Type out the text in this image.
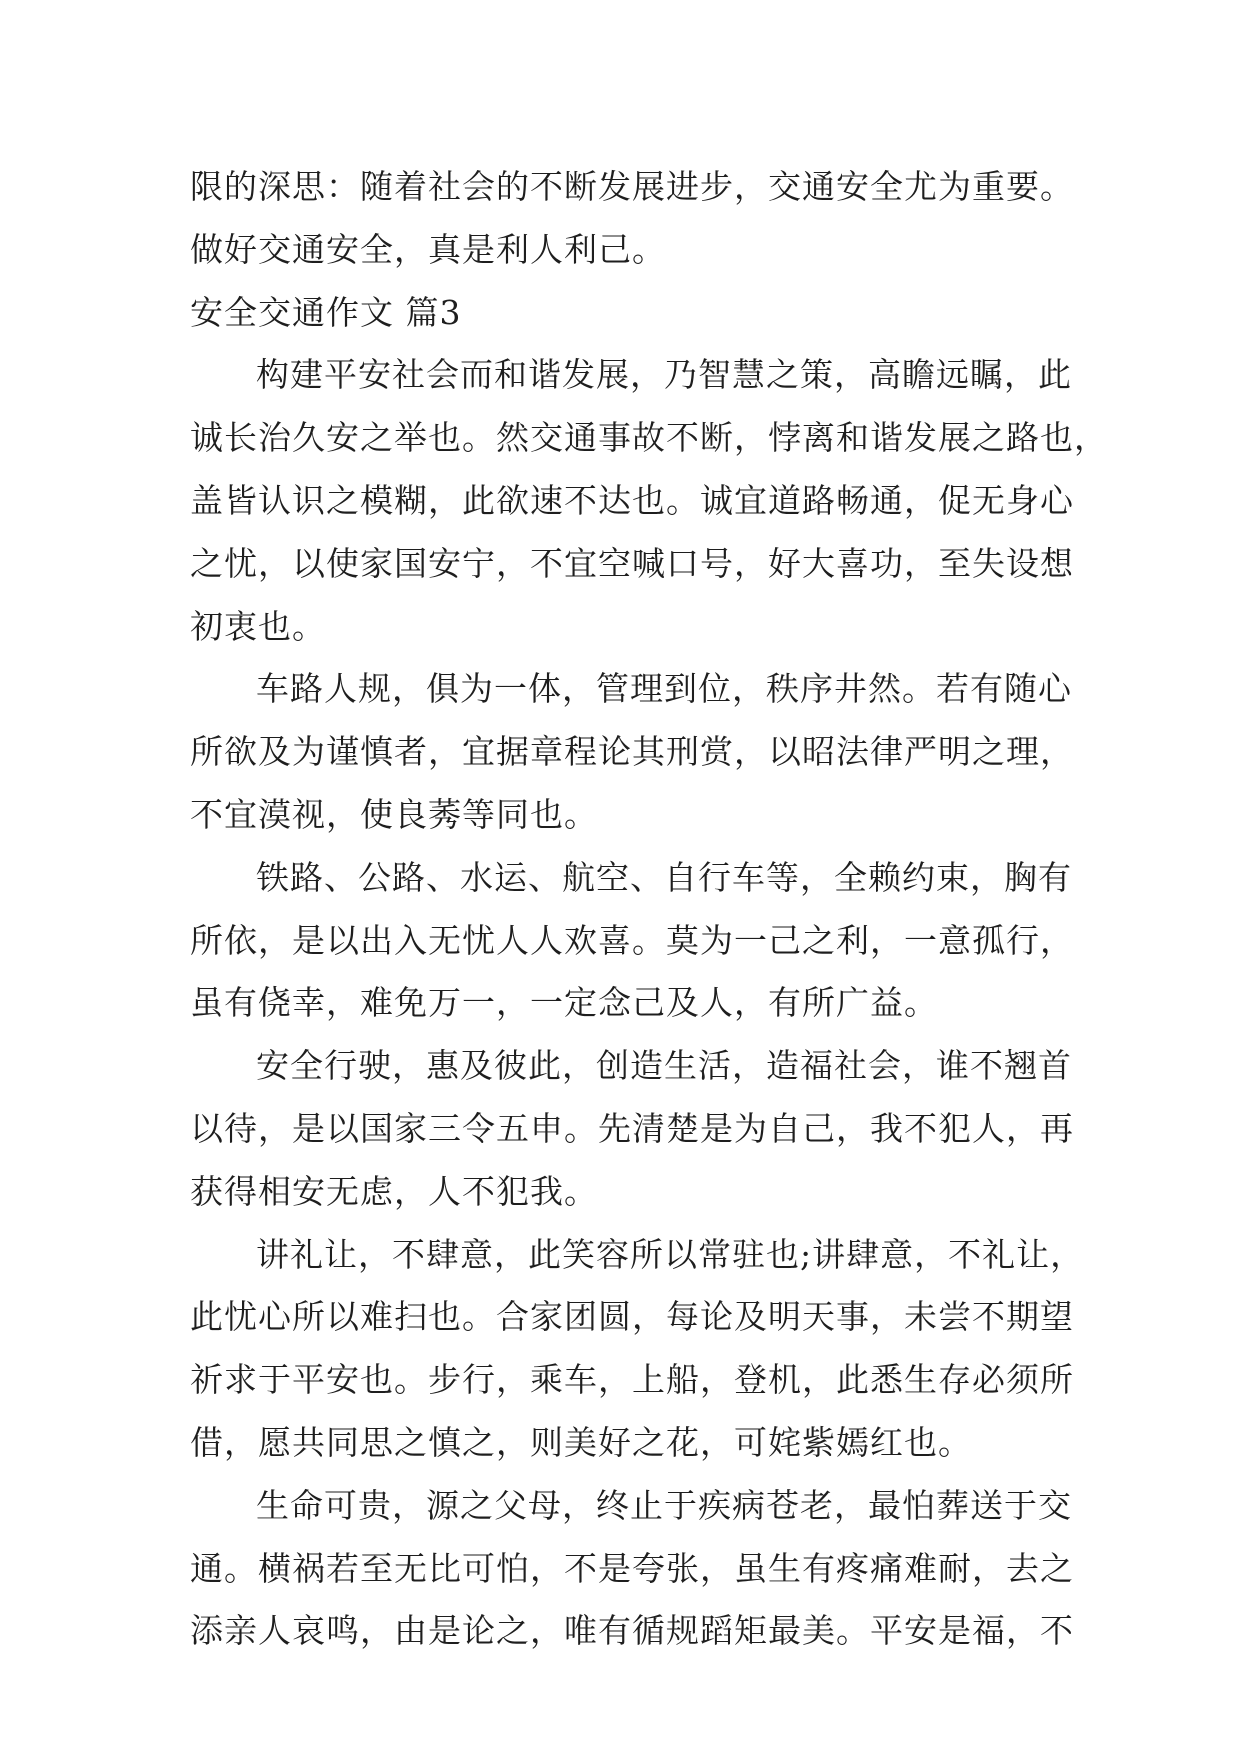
限的深思：随着社会的不断发展进步，交通安全尤为重要。
做好交通安全，真是利人利己。
安全交通作文 篇3
构建平安社会而和谐发展，乃智慧之策，高瞻远瞩，此
诚长治久安之举也。然交通事故不断，悖离和谐发展之路也，
盖皆认识之模糊，此欲速不达也。诚宜道路畅通，促无身心
之忧，以使家国安宁，不宜空喊口号，好大喜功，至失设想
初衷也。
车路人规，俱为一体，管理到位，秩序井然。若有随心
所欲及为谨慎者，宜据章程论其刑赏，以昭法律严明之理，
不宜漠视，使良莠等同也。
铁路、公路、水运、航空、自行车等，全赖约束，胸有
所依，是以出入无忧人人欢喜。莫为一己之利，一意孤行，
虽有侥幸，难免万一，一定念己及人，有所广益。
安全行驶，惠及彼此，创造生活，造福社会，谁不翘首
以待，是以国家三令五申。先清楚是为自己，我不犯人，再
获得相安无虑，人不犯我。
讲礼让，不肆意，此笑容所以常驻也;讲肆意，不礼让，
此忧心所以难扫也。合家团圆，每论及明天事，未尝不期望
祈求于平安也。步行，乘车，上船，登机，此悉生存必须所
借，愿共同思之慎之，则美好之花，可姹紫嫣红也。
生命可贵，源之父母，终止于疾病苍老，最怕葬送于交
通。横祸若至无比可怕，不是夸张，虽生有疼痛难耐，去之
添亲人哀鸣，由是论之，唯有循规蹈矩最美。平安是福，不
